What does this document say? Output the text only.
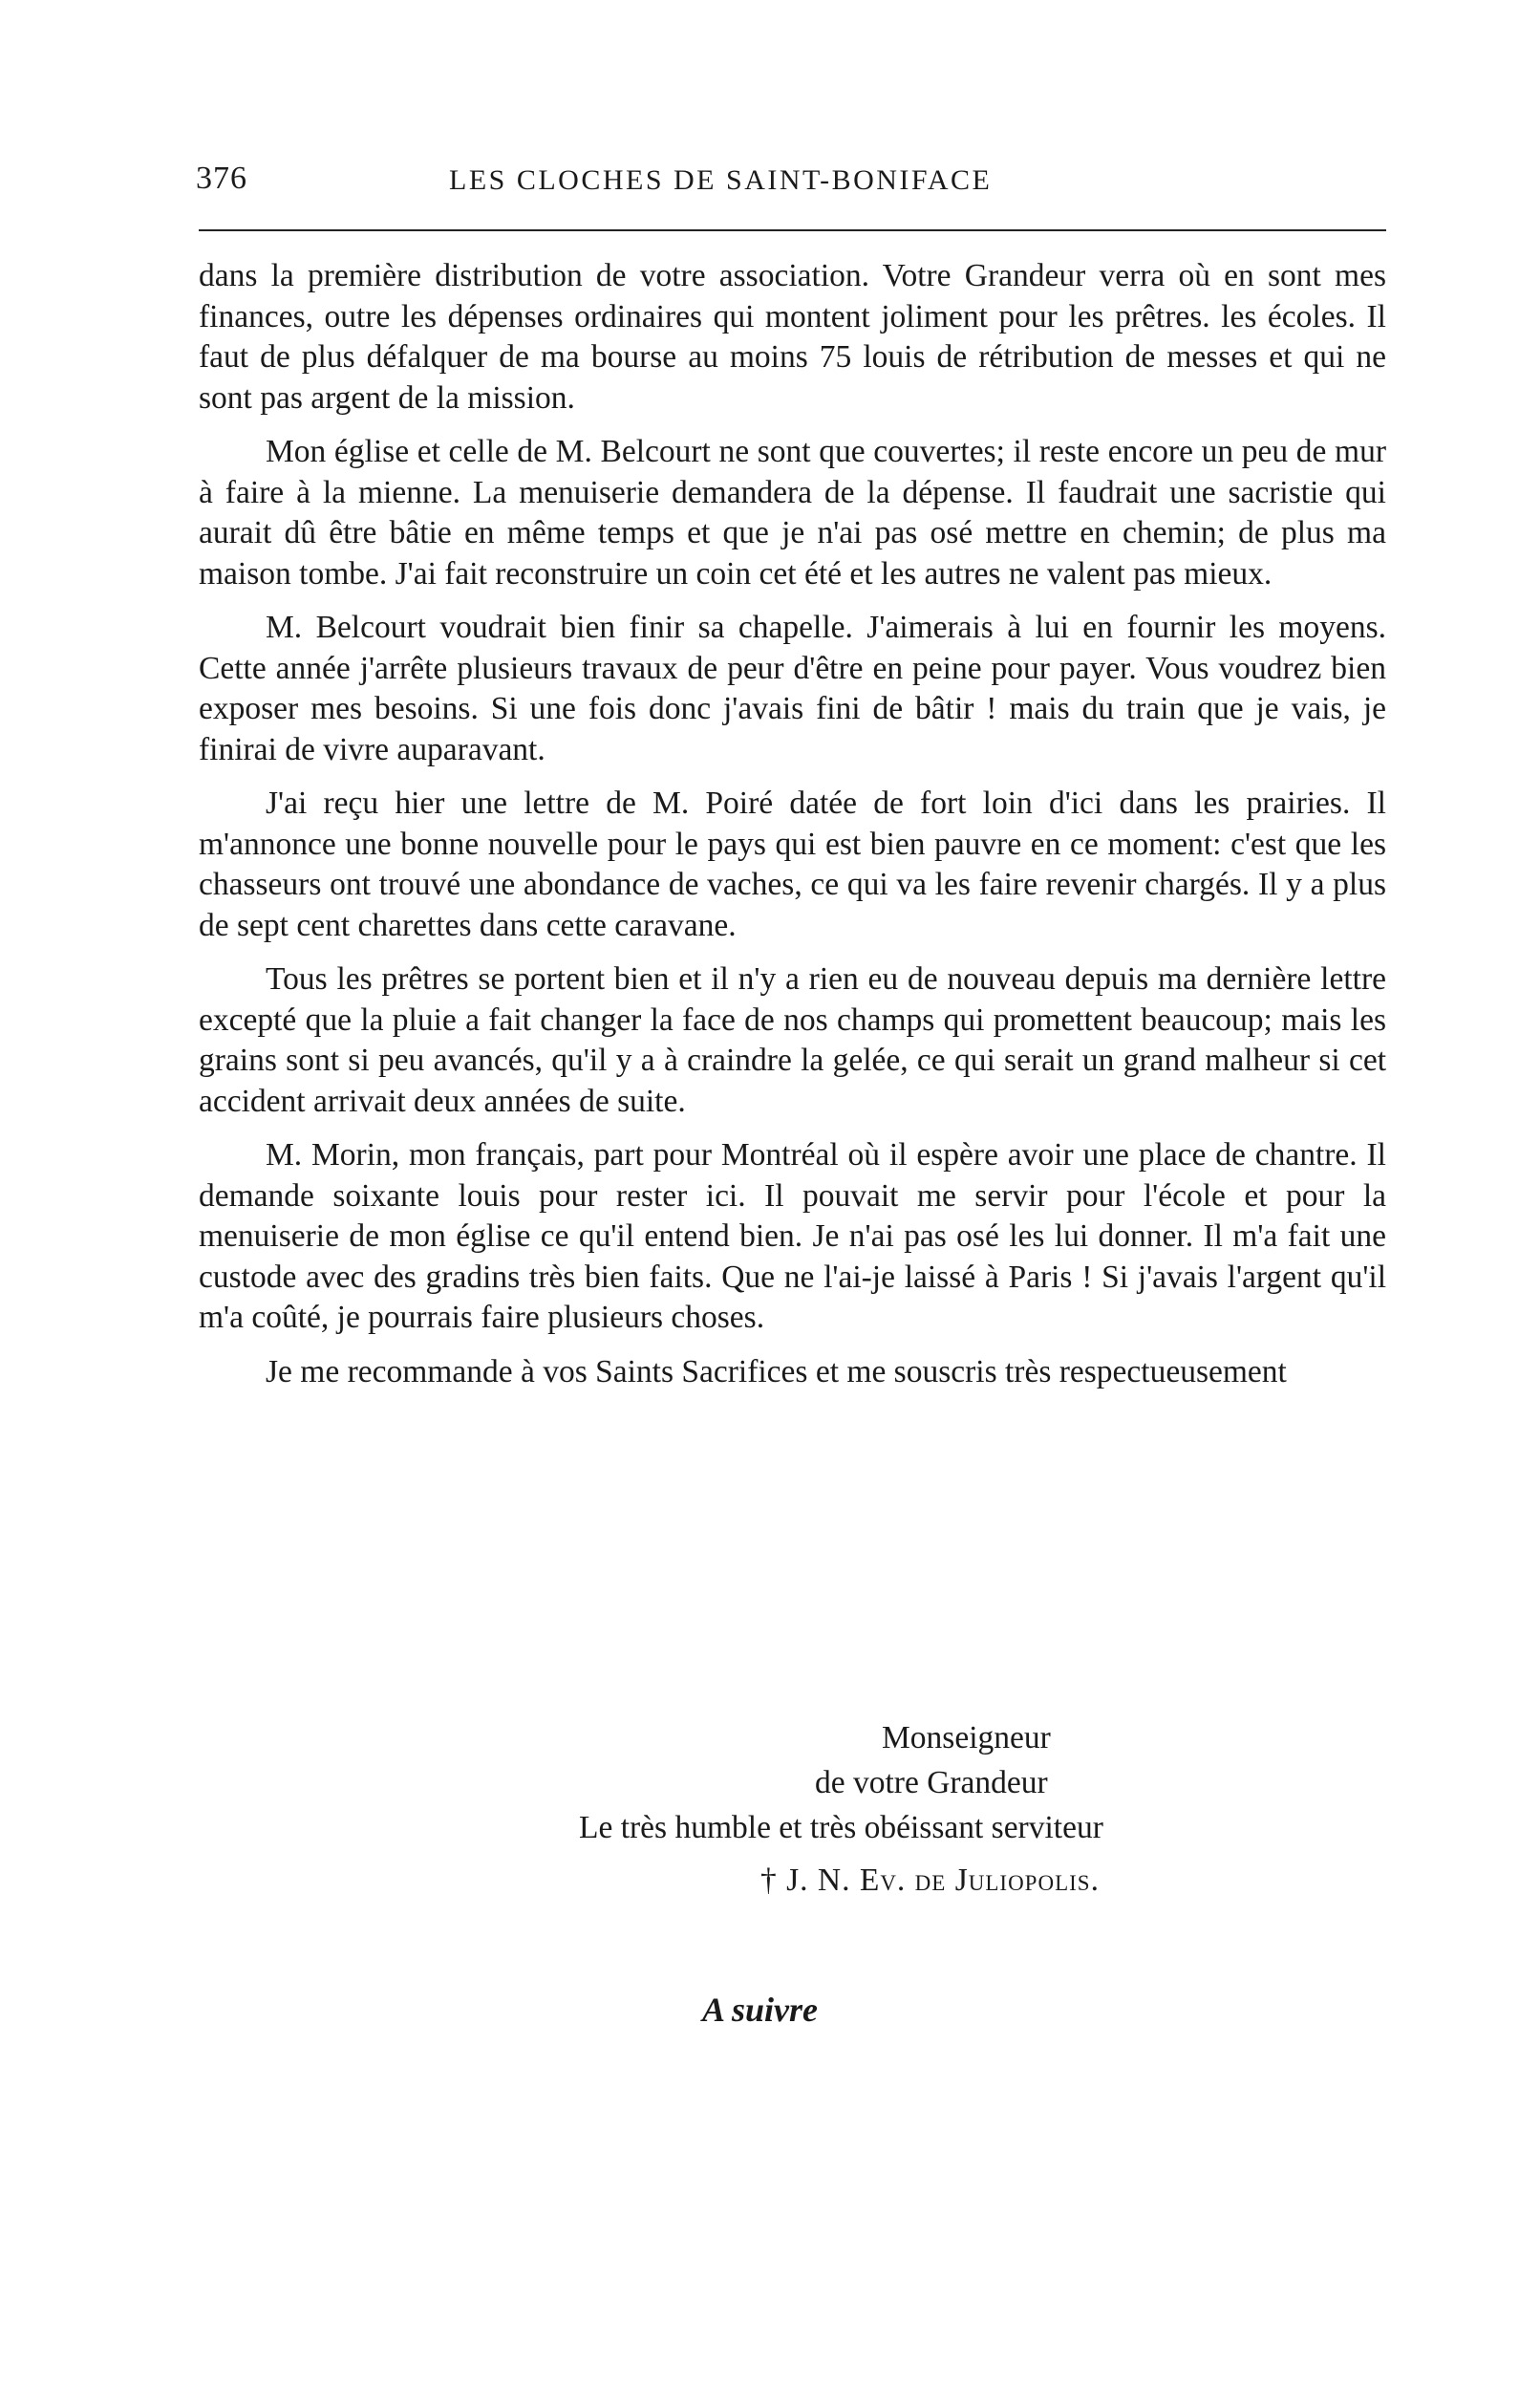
376	LES CLOCHES DE SAINT-BONIFACE

dans la première distribution de votre association. Votre Grandeur verra où en sont mes finances, outre les dépenses ordinaires qui montent joliment pour les prêtres. les écoles. Il faut de plus défalquer de ma bourse au moins 75 louis de rétribution de messes et qui ne sont pas argent de la mission.

Mon église et celle de M. Belcourt ne sont que couvertes; il reste encore un peu de mur à faire à la mienne. La menuiserie demandera de la dépense. Il faudrait une sacristie qui aurait dû être bâtie en même temps et que je n'ai pas osé mettre en chemin; de plus ma maison tombe. J'ai fait reconstruire un coin cet été et les autres ne valent pas mieux.

M. Belcourt voudrait bien finir sa chapelle. J'aimerais à lui en fournir les moyens. Cette année j'arrête plusieurs travaux de peur d'être en peine pour payer. Vous voudrez bien exposer mes besoins. Si une fois donc j'avais fini de bâtir ! mais du train que je vais, je finirai de vivre auparavant.

J'ai reçu hier une lettre de M. Poiré datée de fort loin d'ici dans les prairies. Il m'annonce une bonne nouvelle pour le pays qui est bien pauvre en ce moment: c'est que les chasseurs ont trouvé une abondance de vaches, ce qui va les faire revenir chargés. Il y a plus de sept cent charettes dans cette caravane.

Tous les prêtres se portent bien et il n'y a rien eu de nouveau depuis ma dernière lettre excepté que la pluie a fait changer la face de nos champs qui promettent beaucoup; mais les grains sont si peu avancés, qu'il y a à craindre la gelée, ce qui serait un grand malheur si cet accident arrivait deux années de suite.

M. Morin, mon français, part pour Montréal où il espère avoir une place de chantre. Il demande soixante louis pour rester ici. Il pouvait me servir pour l'école et pour la menuiserie de mon église ce qu'il entend bien. Je n'ai pas osé les lui donner. Il m'a fait une custode avec des gradins très bien faits. Que ne l'ai-je laissé à Paris ! Si j'avais l'argent qu'il m'a coûté, je pourrais faire plusieurs choses.

Je me recommande à vos Saints Sacrifices et me souscris très respectueusement

Monseigneur
de votre Grandeur
Le très humble et très obéissant serviteur
† J. N. Ev. de Juliopolis.
A suivre
